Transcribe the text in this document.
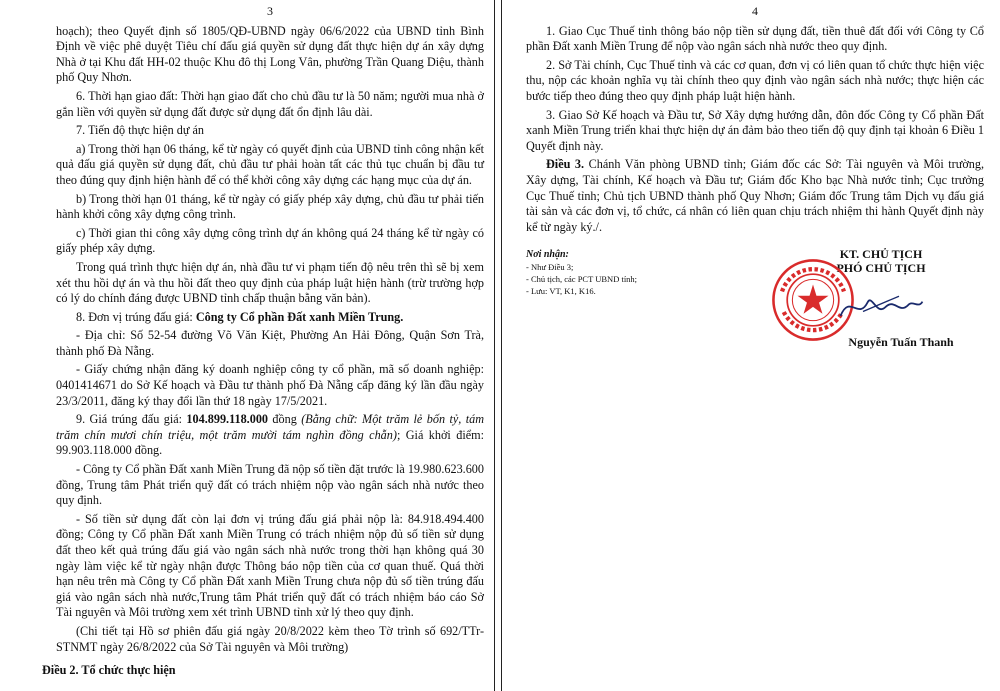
3

hoạch); theo Quyết định số 1805/QĐ-UBND ngày 06/6/2022 của UBND tỉnh Bình Định về việc phê duyệt Tiêu chí đấu giá quyền sử dụng đất thực hiện dự án xây dựng Nhà ở tại Khu đất HH-02 thuộc Khu đô thị Long Vân, phường Trần Quang Diệu, thành phố Quy Nhơn.

6. Thời hạn giao đất: Thời hạn giao đất cho chủ đầu tư là 50 năm; người mua nhà ở gắn liền với quyền sử dụng đất được sử dụng đất ổn định lâu dài.

7. Tiến độ thực hiện dự án

a) Trong thời hạn 06 tháng, kể từ ngày có quyết định của UBND tỉnh công nhận kết quả đấu giá quyền sử dụng đất, chủ đầu tư phải hoàn tất các thủ tục chuẩn bị đầu tư theo đúng quy định hiện hành để có thể khởi công xây dựng các hạng mục của dự án.

b) Trong thời hạn 01 tháng, kể từ ngày có giấy phép xây dựng, chủ đầu tư phải tiến hành khởi công xây dựng công trình.

c) Thời gian thi công xây dựng công trình dự án không quá 24 tháng kể từ ngày có giấy phép xây dựng.

Trong quá trình thực hiện dự án, nhà đầu tư vi phạm tiến độ nêu trên thì sẽ bị xem xét thu hồi dự án và thu hồi đất theo quy định của pháp luật hiện hành (trừ trường hợp có lý do chính đáng được UBND tỉnh chấp thuận bằng văn bản).

8. Đơn vị trúng đấu giá: Công ty Cổ phần Đất xanh Miền Trung.

- Địa chỉ: Số 52-54 đường Võ Văn Kiệt, Phường An Hải Đông, Quận Sơn Trà, thành phố Đà Nẵng.

- Giấy chứng nhận đăng ký doanh nghiệp công ty cổ phần, mã số doanh nghiệp: 0401414671 do Sở Kế hoạch và Đầu tư thành phố Đà Nẵng cấp đăng ký lần đầu ngày 23/3/2011, đăng ký thay đổi lần thứ 18 ngày 17/5/2021.

9. Giá trúng đấu giá: 104.899.118.000 đồng (Bằng chữ: Một trăm lẻ bốn tỷ, tám trăm chín mươi chín triệu, một trăm mười tám nghìn đồng chẵn); Giá khởi điểm: 99.903.118.000 đồng.

- Công ty Cổ phần Đất xanh Miền Trung đã nộp số tiền đặt trước là 19.980.623.600 đồng, Trung tâm Phát triển quỹ đất có trách nhiệm nộp vào ngân sách nhà nước theo quy định.

- Số tiền sử dụng đất còn lại đơn vị trúng đấu giá phải nộp là: 84.918.494.400 đồng; Công ty Cổ phần Đất xanh Miền Trung có trách nhiệm nộp đủ số tiền sử dụng đất theo kết quả trúng đấu giá vào ngân sách nhà nước trong thời hạn không quá 30 ngày làm việc kể từ ngày nhận được Thông báo nộp tiền của cơ quan thuế. Quá thời hạn nêu trên mà Công ty Cổ phần Đất xanh Miền Trung chưa nộp đủ số tiền trúng đấu giá vào ngân sách nhà nước,Trung tâm Phát triển quỹ đất có trách nhiệm báo cáo Sở Tài nguyên và Môi trường xem xét trình UBND tỉnh xử lý theo quy định.

(Chi tiết tại Hồ sơ phiên đấu giá ngày 20/8/2022 kèm theo Tờ trình số 692/TTr-STNMT ngày 26/8/2022 của Sở Tài nguyên và Môi trường)

Điều 2. Tổ chức thực hiện

4

1. Giao Cục Thuế tỉnh thông báo nộp tiền sử dụng đất, tiền thuê đất đối với Công ty Cổ phần Đất xanh Miền Trung để nộp vào ngân sách nhà nước theo quy định.

2. Sở Tài chính, Cục Thuế tỉnh và các cơ quan, đơn vị có liên quan tổ chức thực hiện việc thu, nộp các khoản nghĩa vụ tài chính theo quy định vào ngân sách nhà nước; thực hiện các bước tiếp theo đúng theo quy định pháp luật hiện hành.

3. Giao Sở Kế hoạch và Đầu tư, Sở Xây dựng hướng dẫn, đôn đốc Công ty Cổ phần Đất xanh Miền Trung triển khai thực hiện dự án đảm bảo theo tiến độ quy định tại khoản 6 Điều 1 Quyết định này.

Điều 3. Chánh Văn phòng UBND tỉnh; Giám đốc các Sở: Tài nguyên và Môi trường, Xây dựng, Tài chính, Kế hoạch và Đầu tư; Giám đốc Kho bạc Nhà nước tỉnh; Cục trưởng Cục Thuế tỉnh; Chủ tịch UBND thành phố Quy Nhơn; Giám đốc Trung tâm Dịch vụ đấu giá tài sản và các đơn vị, tổ chức, cá nhân có liên quan chịu trách nhiệm thi hành Quyết định này kể từ ngày ký./.

Nơi nhận:
- Như Điều 3;
- Chủ tịch, các PCT UBND tỉnh;
- Lưu: VT, K1, K16.
KT. CHỦ TỊCH
PHÓ CHỦ TỊCH
Nguyễn Tuấn Thanh
